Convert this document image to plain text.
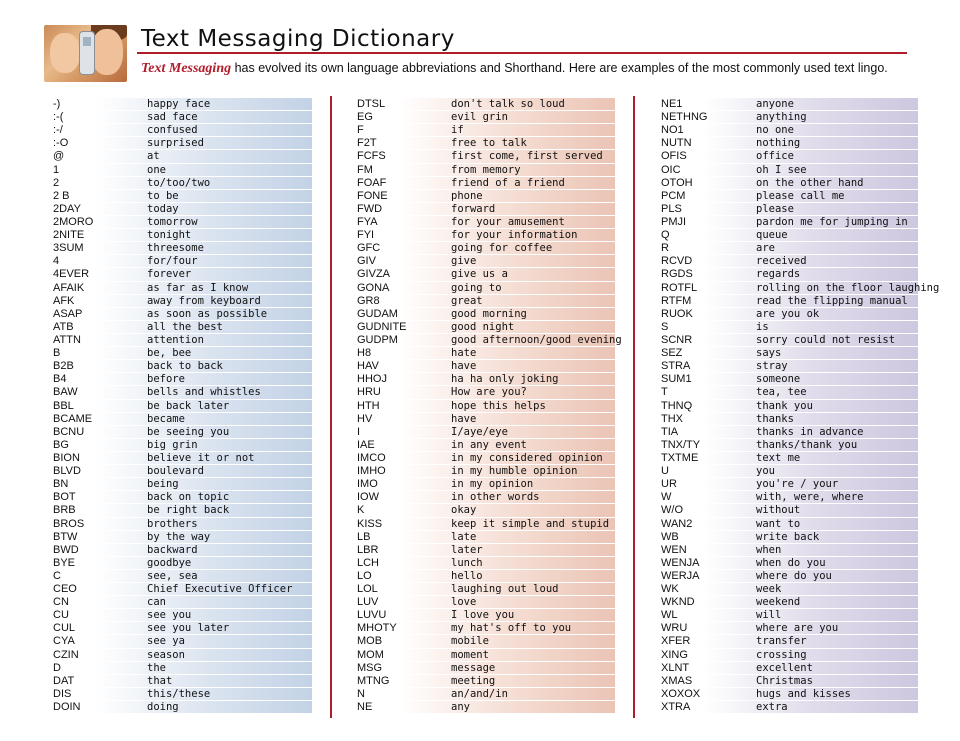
Text Messaging Dictionary

Text Messaging has evolved its own language abbreviations and Shorthand. Here are examples of the most commonly used text lingo.

-)	happy face
:-(	sad face
:-/	confused
:-O	surprised
@	at
1	one
2	to/too/two
2 B	to be
2DAY	today
2MORO	tomorrow
2NITE	tonight
3SUM	threesome
4	for/four
4EVER	forever
AFAIK	as far as I know
AFK	away from keyboard
ASAP	as soon as possible
ATB	all the best
ATTN	attention
B	be, bee
B2B	back to back
B4	before
BAW	bells and whistles
BBL	be back later
BCAME	became
BCNU	be seeing you
BG	big grin
BION	believe it or not
BLVD	boulevard
BN	being
BOT	back on topic
BRB	be right back
BROS	brothers
BTW	by the way
BWD	backward
BYE	goodbye
C	see, sea
CEO	Chief Executive Officer
CN	can
CU	see you
CUL	see you later
CYA	see ya
CZIN	season
D	the
DAT	that
DIS	this/these
DOIN	doing
DTSL	don't talk so loud
EG	evil grin
F	if
F2T	free to talk
FCFS	first come, first served
FM	from memory
FOAF	friend of a friend
FONE	phone
FWD	forward
FYA	for your amusement
FYI	for your information
GFC	going for coffee
GIV	give
GIVZA	give us a
GONA	going to
GR8	great
GUDAM	good morning
GUDNITE	good night
GUDPM	good afternoon/good evening
H8	hate
HAV	have
HHOJ	ha ha only joking
HRU	How are you?
HTH	hope this helps
HV	have
I	I/aye/eye
IAE	in any event
IMCO	in my considered opinion
IMHO	in my humble opinion
IMO	in my opinion
IOW	in other words
K	okay
KISS	keep it simple and stupid
LB	late
LBR	later
LCH	lunch
LO	hello
LOL	laughing out loud
LUV	love
LUVU	I love you
MHOTY	my hat's off to you
MOB	mobile
MOM	moment
MSG	message
MTNG	meeting
N	an/and/in
NE	any
NE1	anyone
NETHNG	anything
NO1	no one
NUTN	nothing
OFIS	office
OIC	oh I see
OTOH	on the other hand
PCM	please call me
PLS	please
PMJI	pardon me for jumping in
Q	queue
R	are
RCVD	received
RGDS	regards
ROTFL	rolling on the floor laughing
RTFM	read the flipping manual
RUOK	are you ok
S	is
SCNR	sorry could not resist
SEZ	says
STRA	stray
SUM1	someone
T	tea, tee
THNQ	thank you
THX	thanks
TIA	thanks in advance
TNX/TY	thanks/thank you
TXTME	text me
U	you
UR	you're / your
W	with, were, where
W/O	without
WAN2	want to
WB	write back
WEN	when
WENJA	when do you
WERJA	where do you
WK	week
WKND	weekend
WL	will
WRU	where are you
XFER	transfer
XING	crossing
XLNT	excellent
XMAS	Christmas
XOXOX	hugs and kisses
XTRA	extra
